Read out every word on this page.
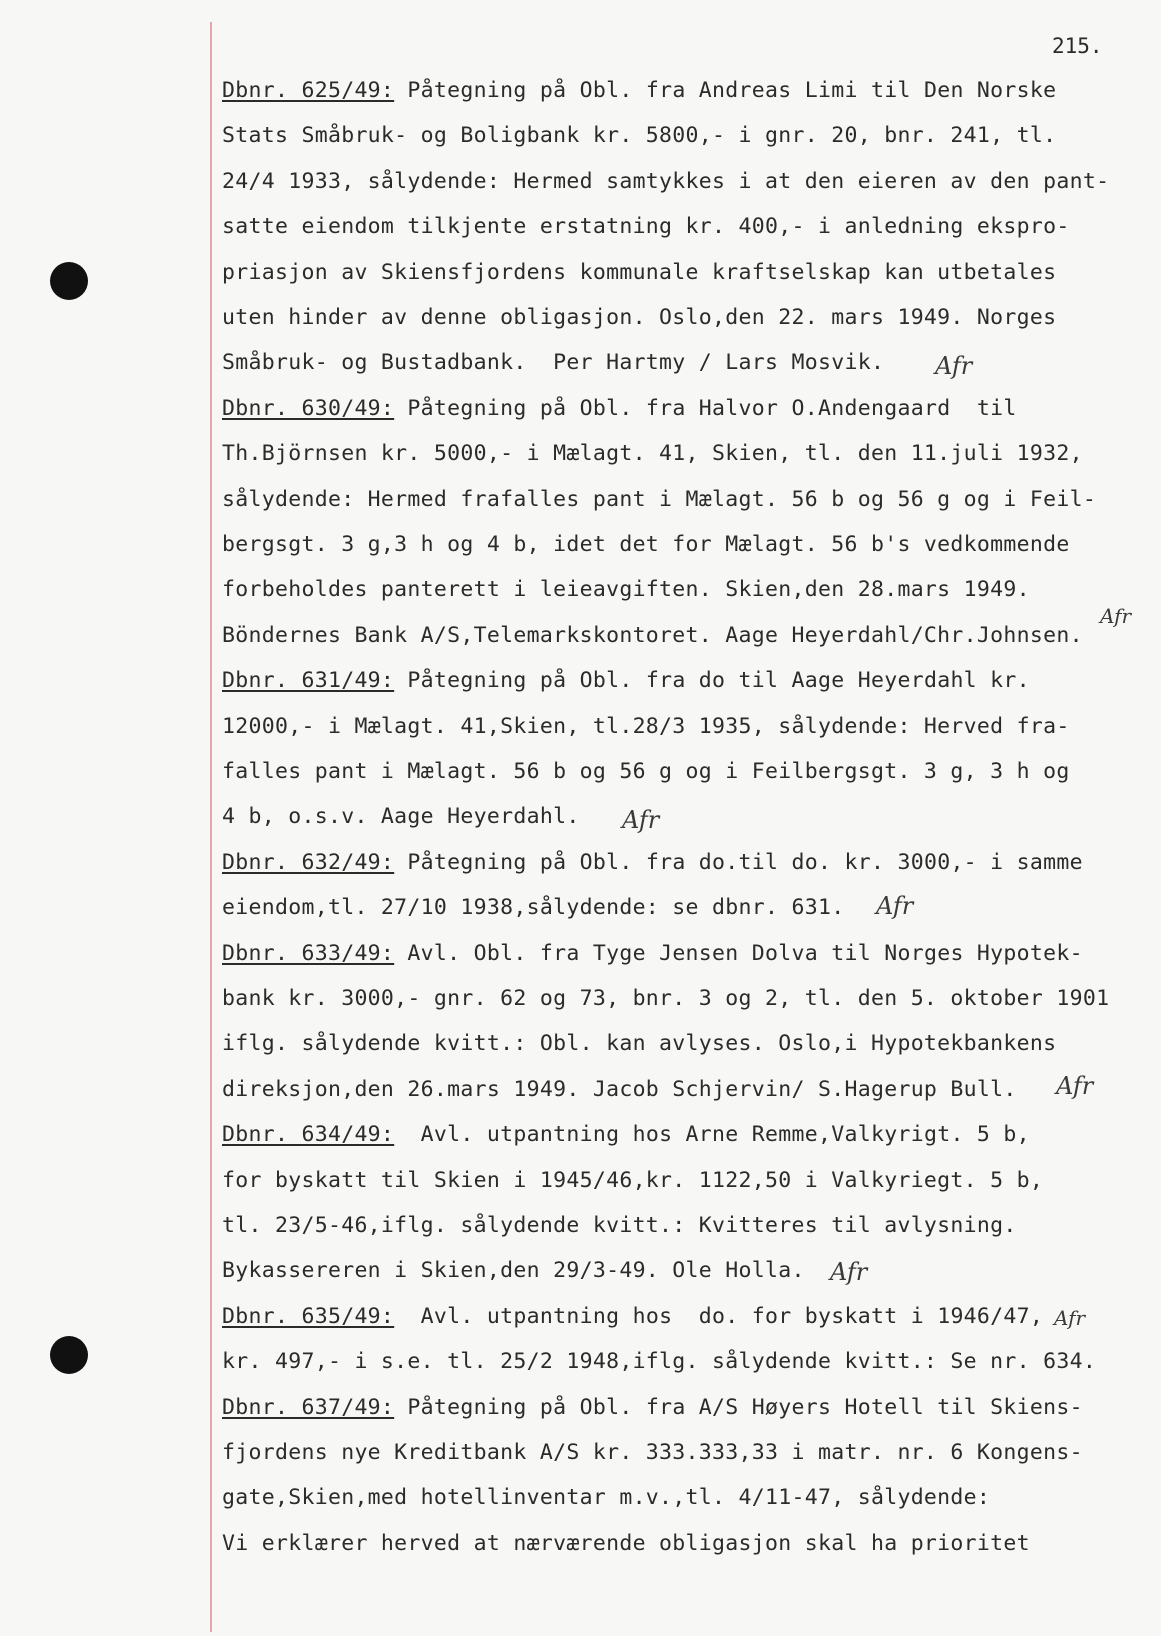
215.
Dbnr. 625/49: Påtegning på Obl. fra Andreas Limi til Den Norske
Stats Småbruk- og Boligbank kr. 5800,- i gnr. 20, bnr. 241, tl.
24/4 1933, sålydende: Hermed samtykkes i at den eieren av den pant-
satte eiendom tilkjente erstatning kr. 400,- i anledning ekspro-
priasjon av Skiensfjordens kommunale kraftselskap kan utbetales
uten hinder av denne obligasjon. Oslo,den 22. mars 1949. Norges
Småbruk- og Bustadbank.  Per Hartmy / Lars Mosvik.
Dbnr. 630/49: Påtegning på Obl. fra Halvor O.Andengaard  til
Th.Björnsen kr. 5000,- i Mælagt. 41, Skien, tl. den 11.juli 1932,
sålydende: Hermed frafalles pant i Mælagt. 56 b og 56 g og i Feil-
bergsgt. 3 g,3 h og 4 b, idet det for Mælagt. 56 b's vedkommende
forbeholdes panterett i leieavgiften. Skien,den 28.mars 1949.
Böndernes Bank A/S,Telemarkskontoret. Aage Heyerdahl/Chr.Johnsen.
Dbnr. 631/49: Påtegning på Obl. fra do til Aage Heyerdahl kr.
12000,- i Mælagt. 41,Skien, tl.28/3 1935, sålydende: Herved fra-
falles pant i Mælagt. 56 b og 56 g og i Feilbergsgt. 3 g, 3 h og
4 b, o.s.v. Aage Heyerdahl.
Dbnr. 632/49: Påtegning på Obl. fra do.til do. kr. 3000,- i samme
eiendom,tl. 27/10 1938,sålydende: se dbnr. 631.
Dbnr. 633/49: Avl. Obl. fra Tyge Jensen Dolva til Norges Hypotek-
bank kr. 3000,- gnr. 62 og 73, bnr. 3 og 2, tl. den 5. oktober 1901
iflg. sålydende kvitt.: Obl. kan avlyses. Oslo,i Hypotekbankens
direksjon,den 26.mars 1949. Jacob Schjervin/ S.Hagerup Bull.
Dbnr. 634/49:  Avl. utpantning hos Arne Remme,Valkyrigt. 5 b,
for byskatt til Skien i 1945/46,kr. 1122,50 i Valkyriegt. 5 b,
tl. 23/5-46,iflg. sålydende kvitt.: Kvitteres til avlysning.
Bykassereren i Skien,den 29/3-49. Ole Holla.
Dbnr. 635/49:  Avl. utpantning hos  do. for byskatt i 1946/47,
kr. 497,- i s.e. tl. 25/2 1948,iflg. sålydende kvitt.: Se nr. 634.
Dbnr. 637/49: Påtegning på Obl. fra A/S Høyers Hotell til Skiens-
fjordens nye Kreditbank A/S kr. 333.333,33 i matr. nr. 6 Kongens-
gate,Skien,med hotellinventar m.v.,tl. 4/11-47, sålydende:
Vi erklærer herved at nærværende obligasjon skal ha prioritet
Afr
Afr
Afr
Afr
Afr
Afr
Afr
